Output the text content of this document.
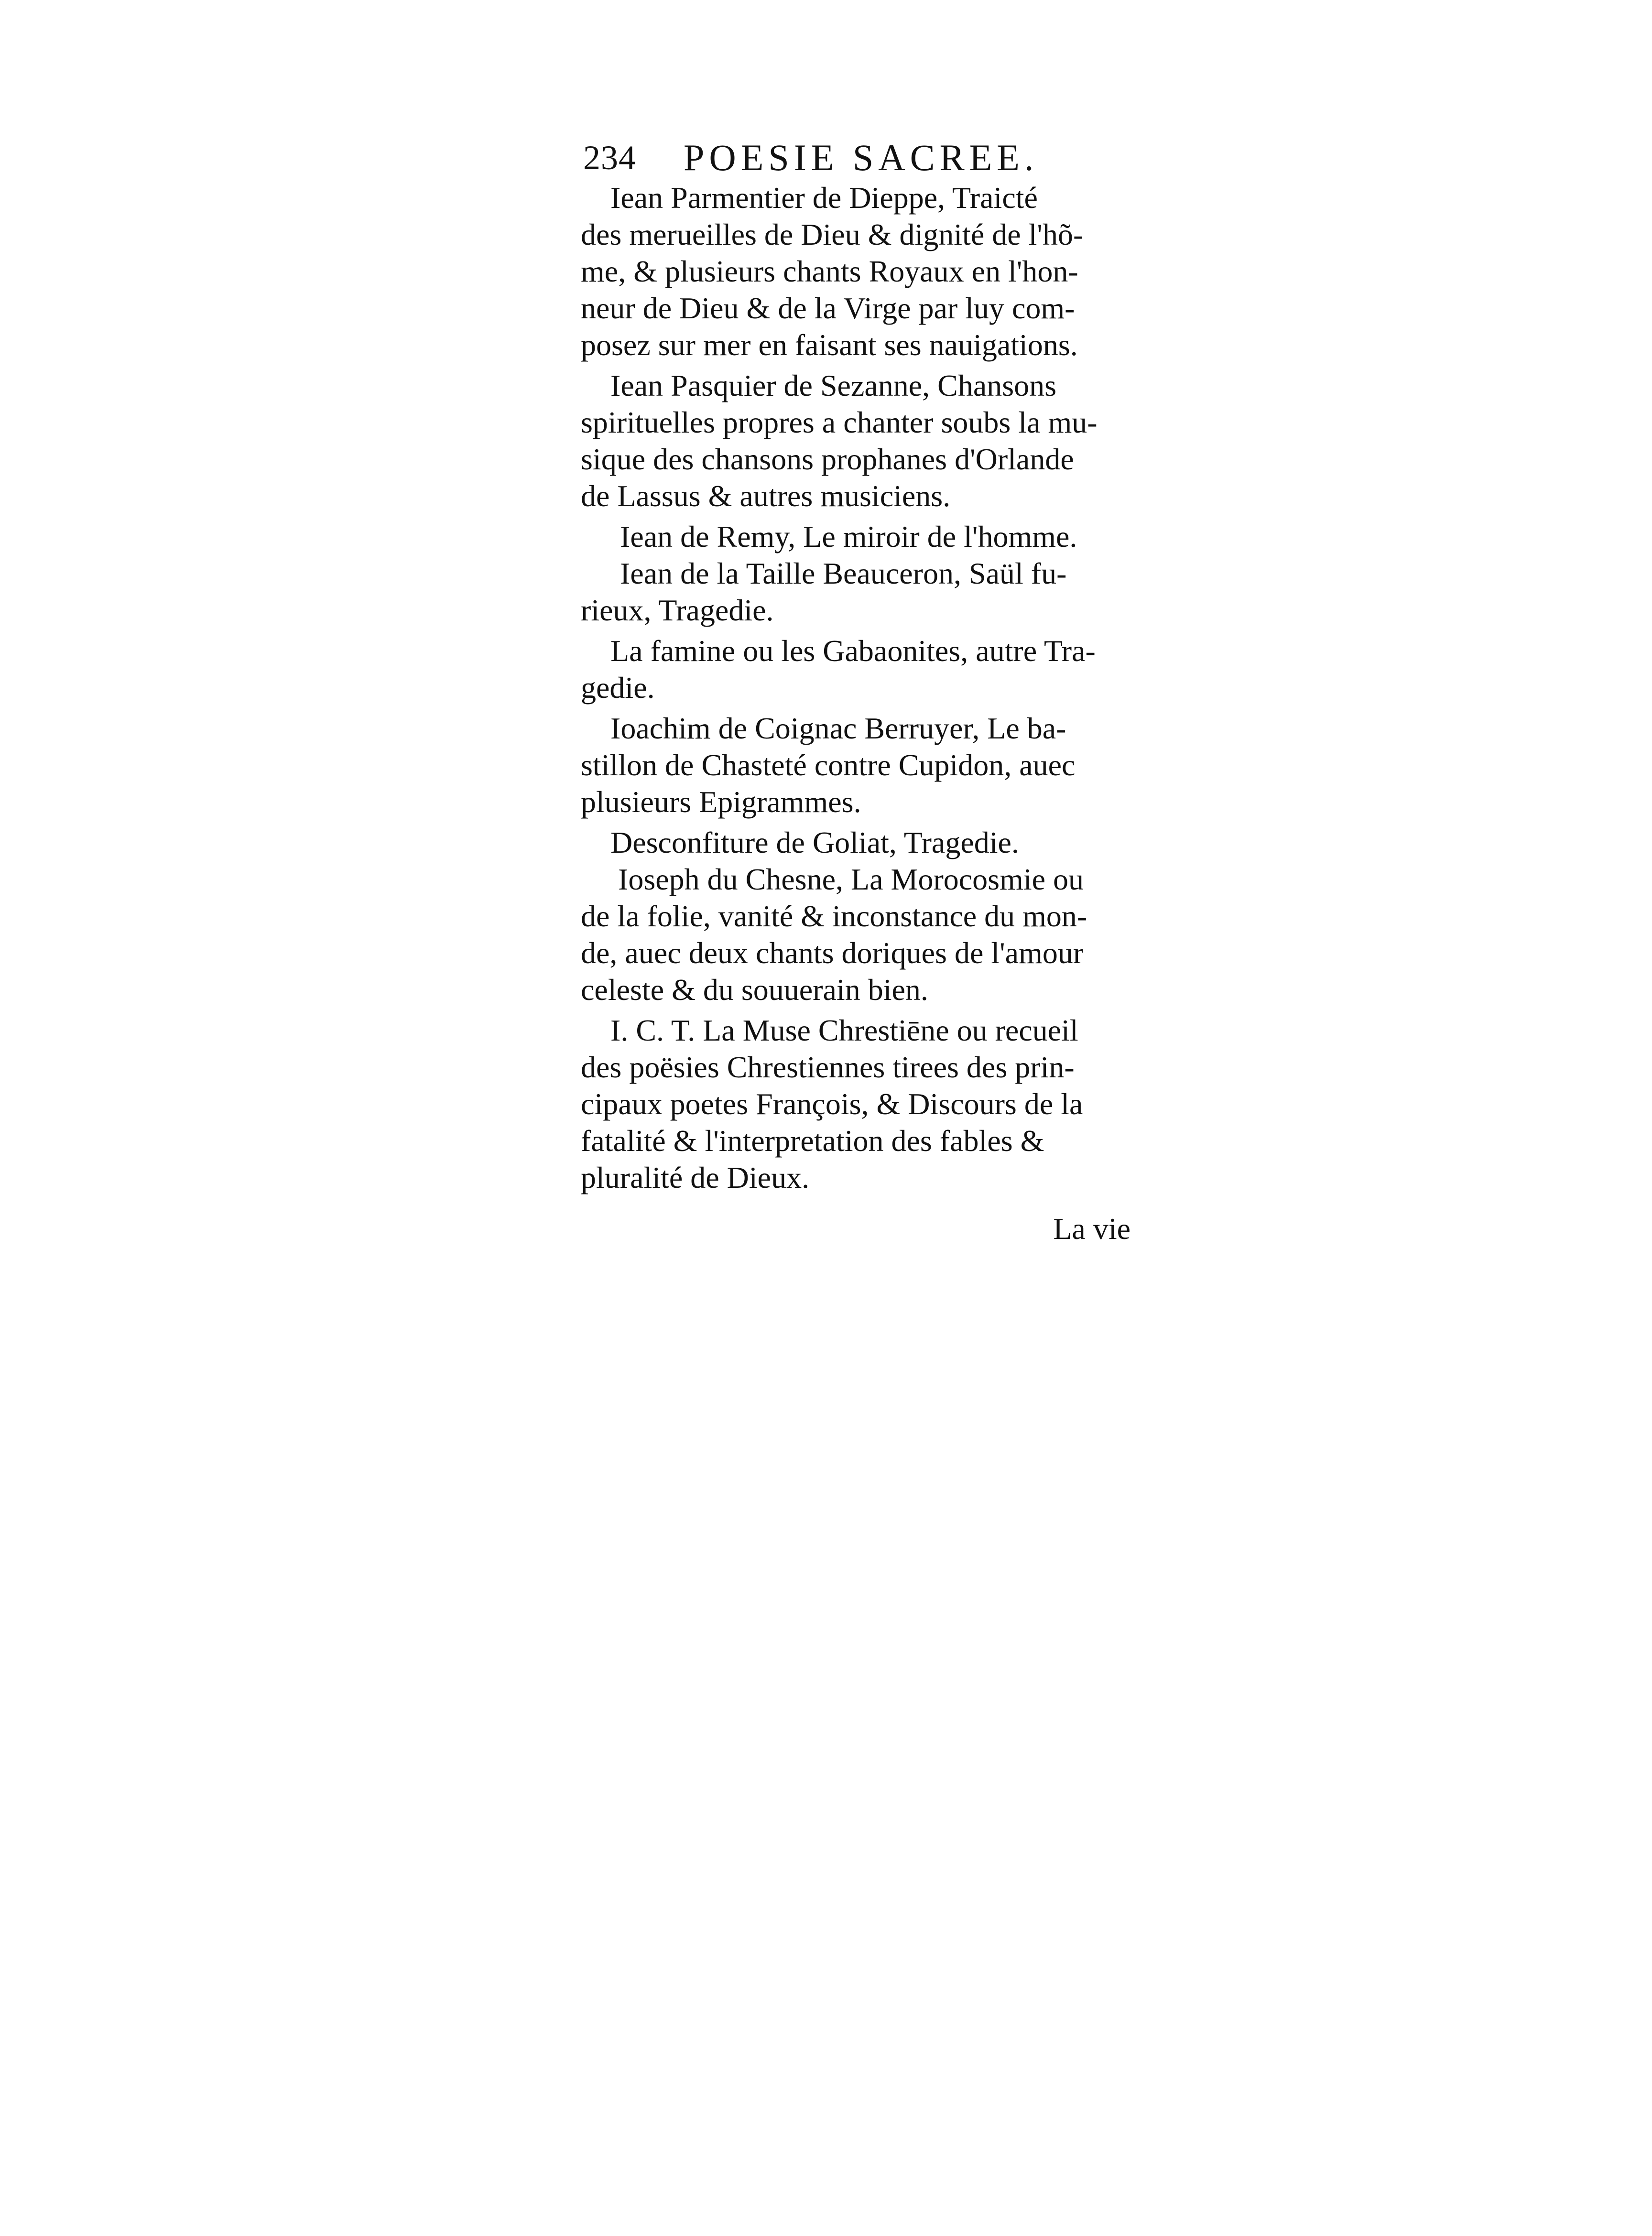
234 POESIE SACREE.
Iean Parmentier de Dieppe, Traicté
des merueilles de Dieu & dignité de l'hõ-
me, & plusieurs chants Royaux en l'hon-
neur de Dieu & de la Virge par luy com-
posez sur mer en faisant ses nauigations.
Iean Pasquier de Sezanne, Chansons
spirituelles propres a chanter soubs la mu-
sique des chansons prophanes d'Orlande
de Lassus & autres musiciens.
Iean de Remy, Le miroir de l'homme.
Iean de la Taille Beauceron, Saül fu-
rieux, Tragedie.
La famine ou les Gabaonites, autre Tra-
gedie.
Ioachim de Coignac Berruyer, Le ba-
stillon de Chasteté contre Cupidon, auec
plusieurs Epigrammes.
Desconfiture de Goliat, Tragedie.
Ioseph du Chesne, La Morocosmie ou
de la folie, vanité & inconstance du mon-
de, auec deux chants doriques de l'amour
celeste & du souuerain bien.
I. C. T. La Muse Chrestiēne ou recueil
des poësies Chrestiennes tirees des prin-
cipaux poetes François, & Discours de la
fatalité & l'interpretation des fables &
pluralité de Dieux.
La vie
